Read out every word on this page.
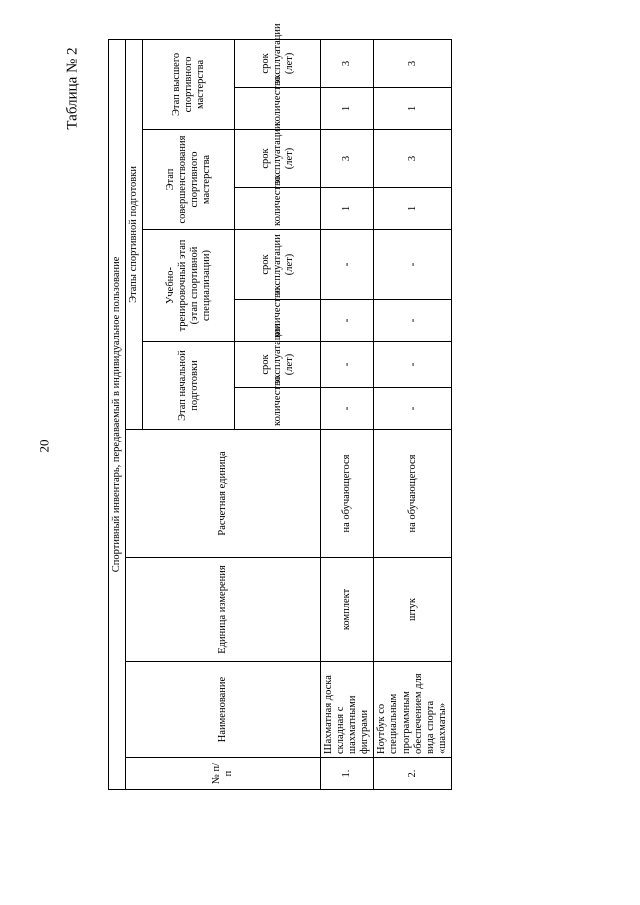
20
Таблица № 2
Спортивный инвентарь, передаваемый в индивидуальное пользование											
№ п/п	Наименование	Единица измерения	Расчетная единица	Этапы спортивной подготовки							
				Этап начальной подготовки		Учебно-тренировочный этап (этап спортивной специализации)		Этап совершенствования спортивного мастерства		Этап высшего спортивного мастерства	
				количество	срок эксплуатации (лет)	количество	срок эксплуатации (лет)	количество	срок эксплуатации (лет)	количество	срок эксплуатации (лет)
1.	Шахматная доска складная с шахматными фигурами	комплект	на обучающегося	-	-	-	-	1	3	1	3
2.	Ноутбук со специальным программным обеспечением для вида спорта «шахматы»	штук	на обучающегося	-	-	-	-	1	3	1	3
